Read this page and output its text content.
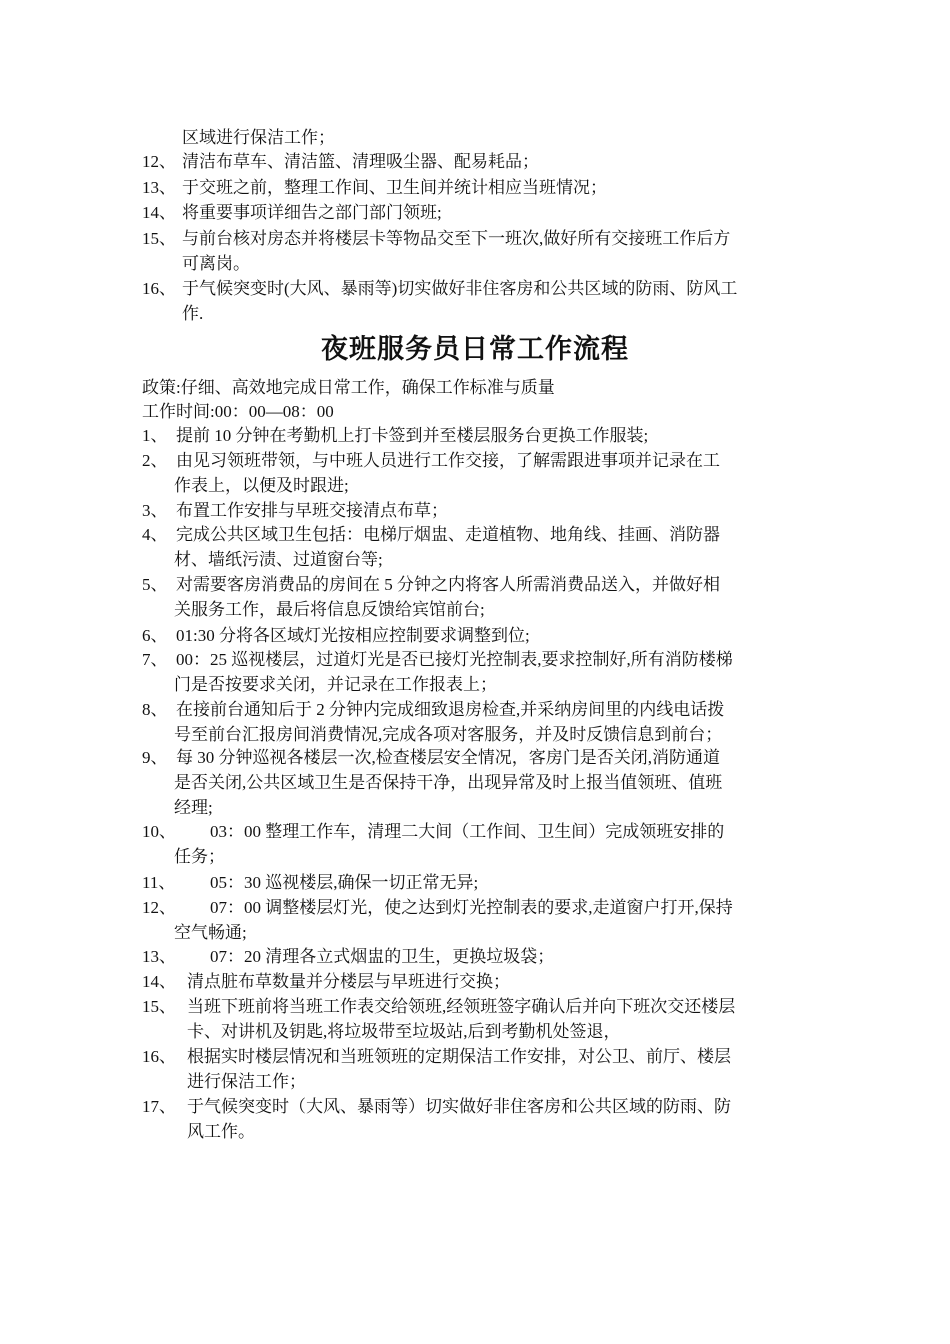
区域进行保洁工作；
12、 清洁布草车、清洁篮、清理吸尘器、配易耗品；
13、 于交班之前，整理工作间、卫生间并统计相应当班情况；
14、 将重要事项详细告之部门部门领班;
15、 与前台核对房态并将楼层卡等物品交至下一班次,做好所有交接班工作后方
可离岗。
16、 于气候突变时(大风、暴雨等)切实做好非住客房和公共区域的防雨、防风工
作.
夜班服务员日常工作流程
政策:仔细、高效地完成日常工作，确保工作标准与质量
工作时间:00：00—08：00
1、 提前 10 分钟在考勤机上打卡签到并至楼层服务台更换工作服装;
2、 由见习领班带领，与中班人员进行工作交接，了解需跟进事项并记录在工
作表上，以便及时跟进;
3、 布置工作安排与早班交接清点布草；
4、 完成公共区域卫生包括：电梯厅烟盅、走道植物、地角线、挂画、消防器
材、墙纸污渍、过道窗台等;
5、 对需要客房消费品的房间在 5 分钟之内将客人所需消费品送入，并做好相
关服务工作，最后将信息反馈给宾馆前台;
6、 01:30 分将各区域灯光按相应控制要求调整到位;
7、 00：25 巡视楼层，过道灯光是否已接灯光控制表,要求控制好,所有消防楼梯
门是否按要求关闭，并记录在工作报表上；
8、 在接前台通知后于 2 分钟内完成细致退房检查,并采纳房间里的内线电话拨
号至前台汇报房间消费情况,完成各项对客服务，并及时反馈信息到前台；
9、 每 30 分钟巡视各楼层一次,检查楼层安全情况，客房门是否关闭,消防通道
是否关闭,公共区域卫生是否保持干净，出现异常及时上报当值领班、值班
经理;
10、 03：00 整理工作车，清理二大间（工作间、卫生间）完成领班安排的
任务；
11、 05：30 巡视楼层,确保一切正常无异;
12、 07：00 调整楼层灯光，使之达到灯光控制表的要求,走道窗户打开,保持
空气畅通;
13、 07：20 清理各立式烟盅的卫生，更换垃圾袋；
14、 清点脏布草数量并分楼层与早班进行交换；
15、 当班下班前将当班工作表交给领班,经领班签字确认后并向下班次交还楼层
卡、对讲机及钥匙,将垃圾带至垃圾站,后到考勤机处签退，
16、 根据实时楼层情况和当班领班的定期保洁工作安排，对公卫、前厅、楼层
进行保洁工作；
17、 于气候突变时（大风、暴雨等）切实做好非住客房和公共区域的防雨、防
风工作。
